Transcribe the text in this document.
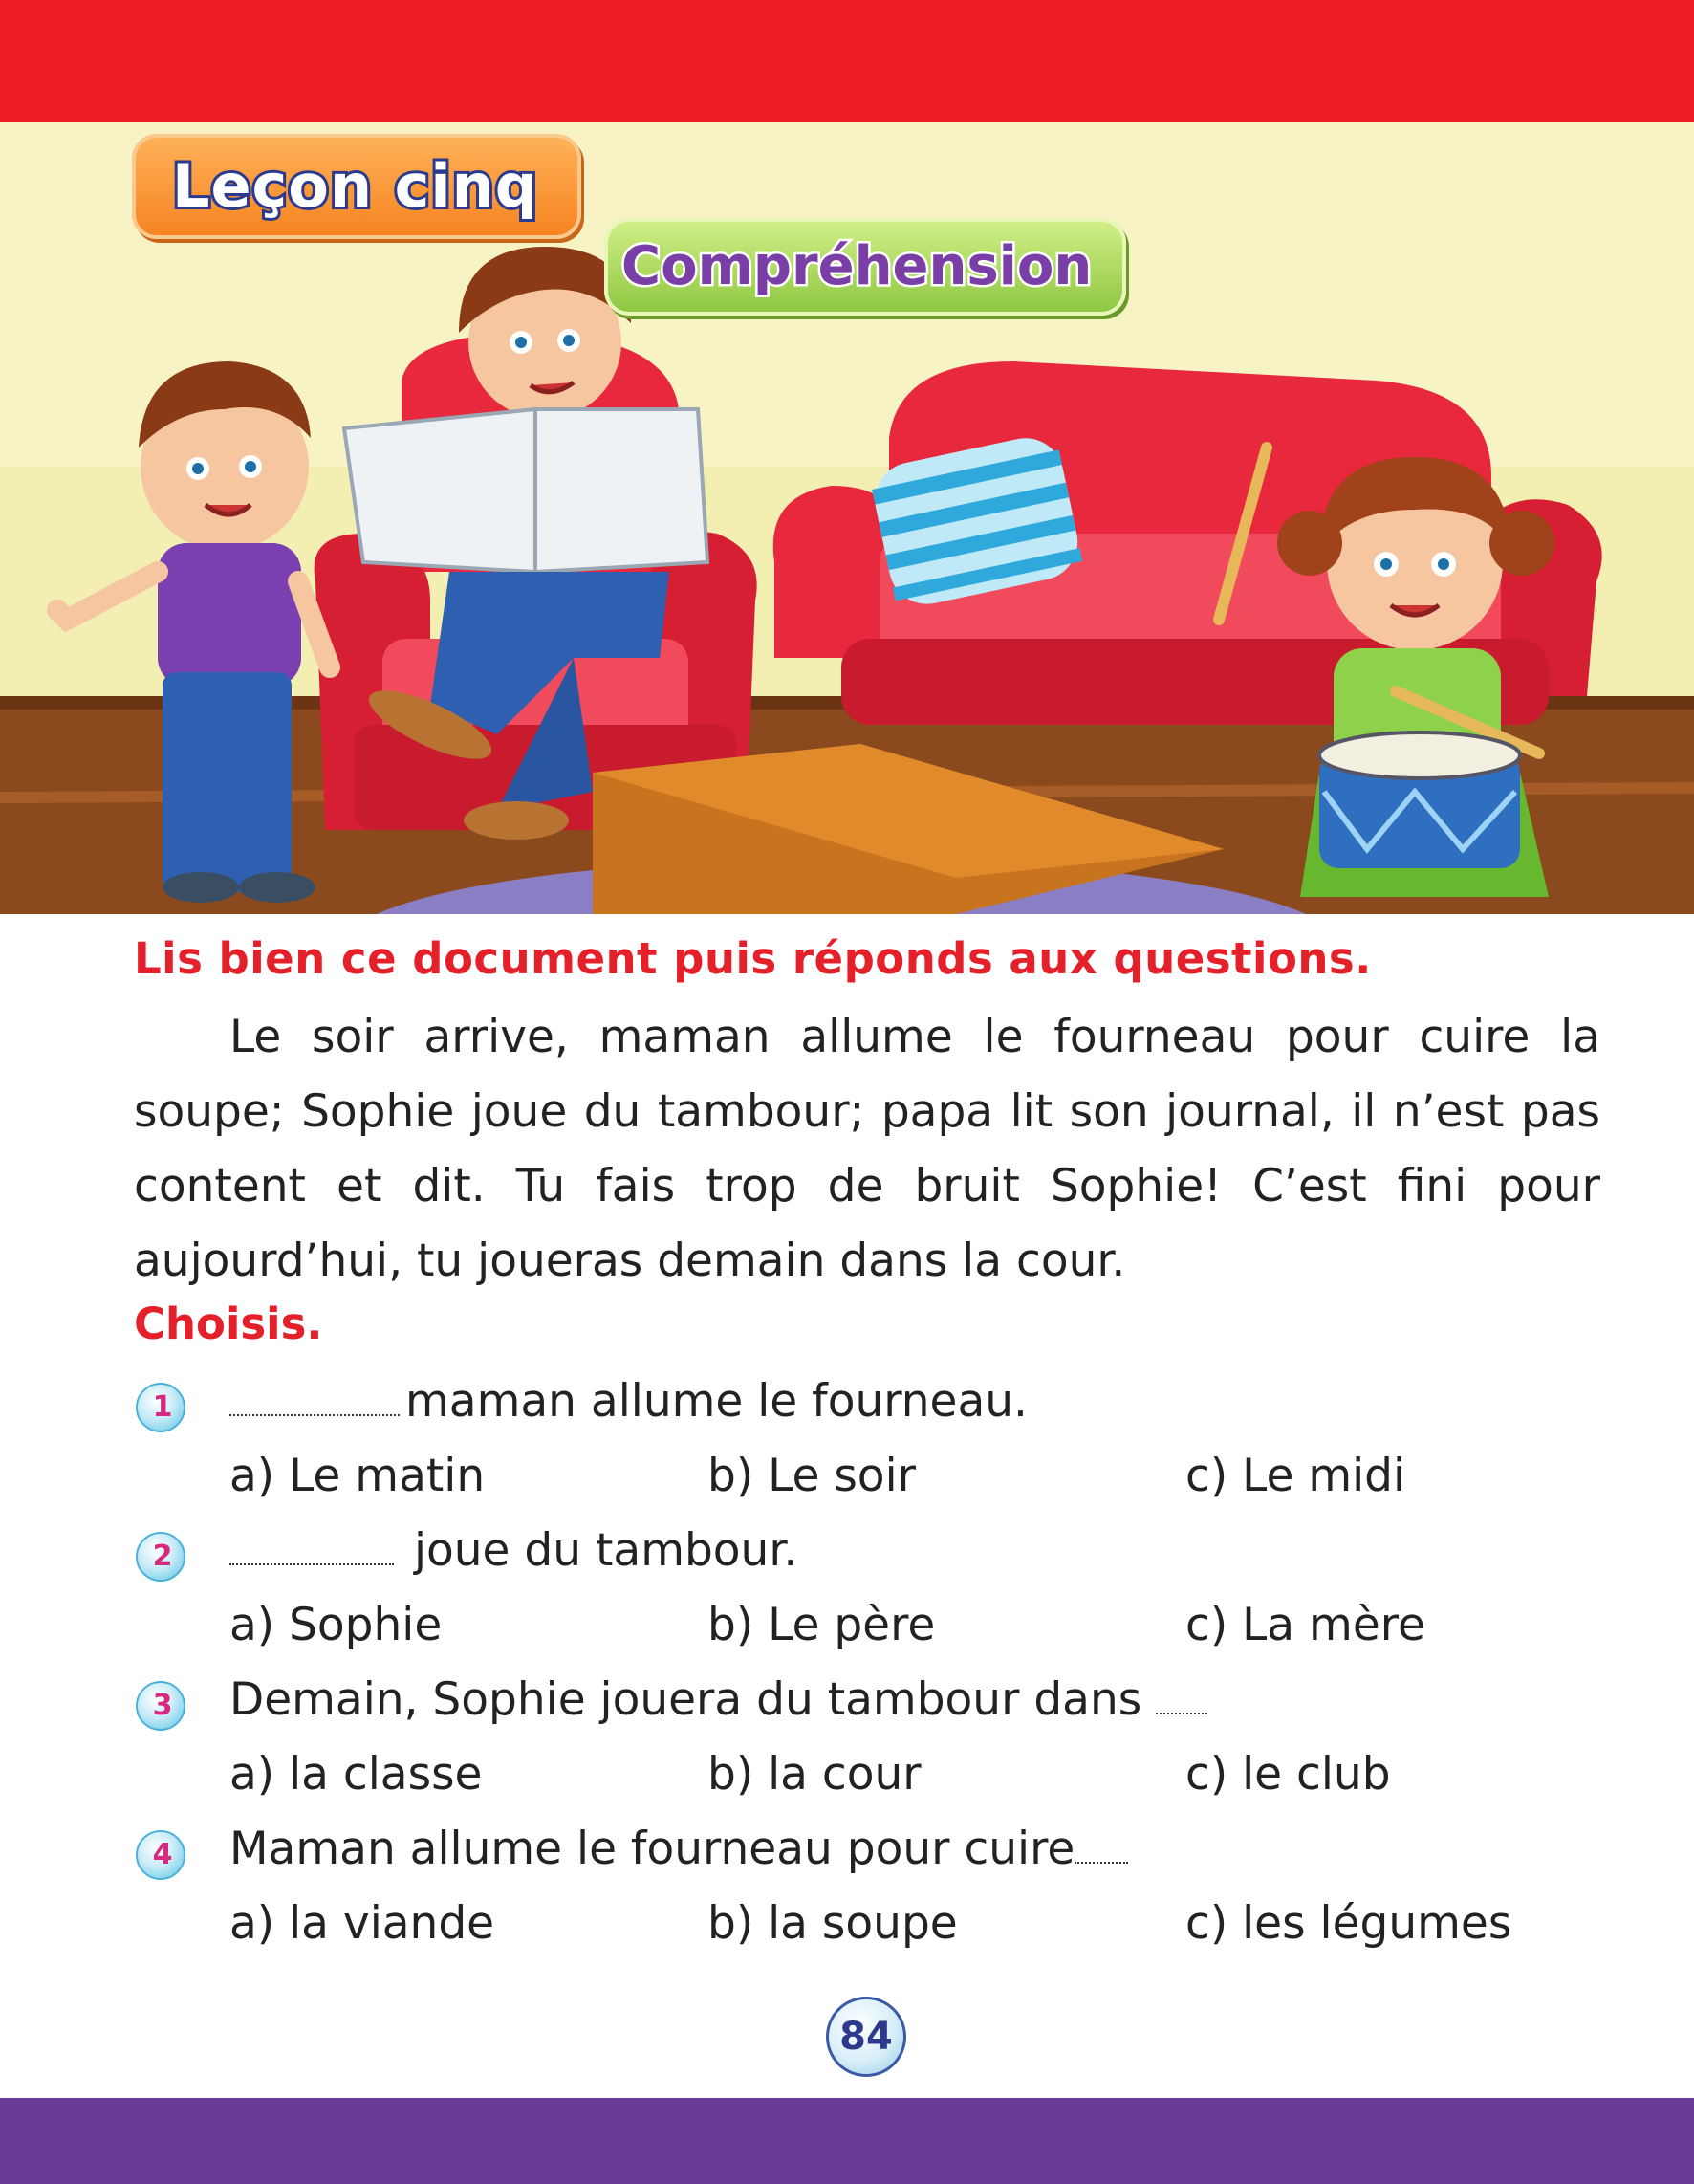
Leçon cinq
Compréhension
Lis bien ce document puis réponds aux questions.
Le soir arrive, maman allume le fourneau pour cuire la soupe; Sophie joue du tambour; papa lit son journal, il n’est pas content et dit. Tu fais trop de bruit Sophie! C’est fini pour aujourd’hui, tu joueras demain dans la cour.
Choisis.
1	maman allume le fourneau.
a) Le matin	b) Le soir	c) Le midi
2	joue du tambour.
a) Sophie	b) Le père	c) La mère
3	Demain, Sophie jouera du tambour dans
a) la classe	b) la cour	c) le club
4	Maman allume le fourneau pour cuire
a) la viande	b) la soupe	c) les légumes
84
